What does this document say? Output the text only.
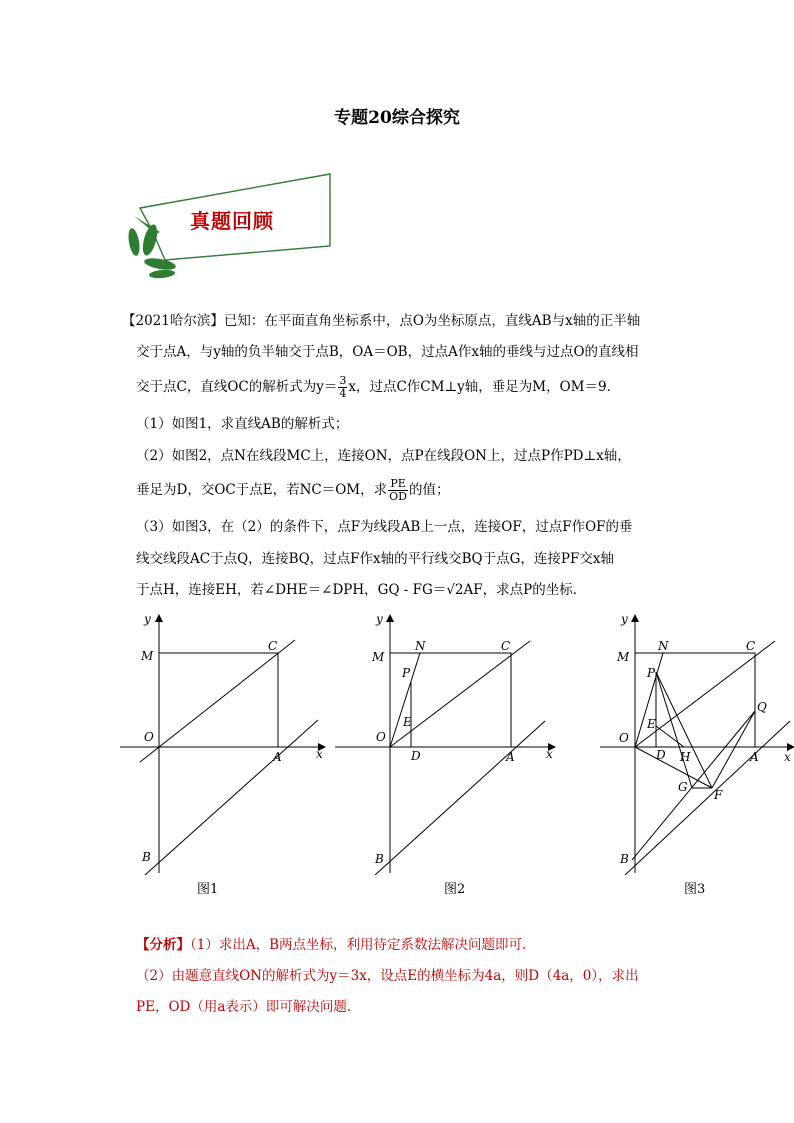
专题20综合探究
真题回顾
【2021哈尔滨】已知：在平面直角坐标系中，点O为坐标原点，直线AB与x轴的正半轴
交于点A，与y轴的负半轴交于点B，OA＝OB，过点A作x轴的垂线与过点O的直线相
交于点C，直线OC的解析式为$y= \frac{3}{4}$ x，过点C作CM⊥y轴，垂足为M，OM＝9．
（1）如图1，求直线AB的解析式；
（2）如图2，点N在线段MC上，连接ON，点P在线段ON上，过点P作PD⊥x轴，
垂足为D，交OC于点E，若NC＝OM，求 $\frac{PE}{OD}$ 的值；
（3）如图3，在（2）的条件下，点F为线段AB上一点，连接OF，过点F作OF的垂
线交线段AC于点Q，连接BQ，过点F作x轴的平行线交BQ于点G，连接PF交x轴
于点H，连接EH，若∠DHE＝∠DPH，GQ - FG＝√2AF，求点P的坐标．
y
x
M
C
O
A
B
图1
y
x
M
N	C
P
E
O
D	A
B
图2
y
x
M
N	C
P
E
O
D H	A
Q
G
F
B
图3
【分析】（1）求出A，B两点坐标，利用待定系数法解决问题即可．
（2）由题意直线ON的解析式为y＝3x，设点E的横坐标为4a，则D（4a，0），求出
PE，OD（用a表示）即可解决问题．
